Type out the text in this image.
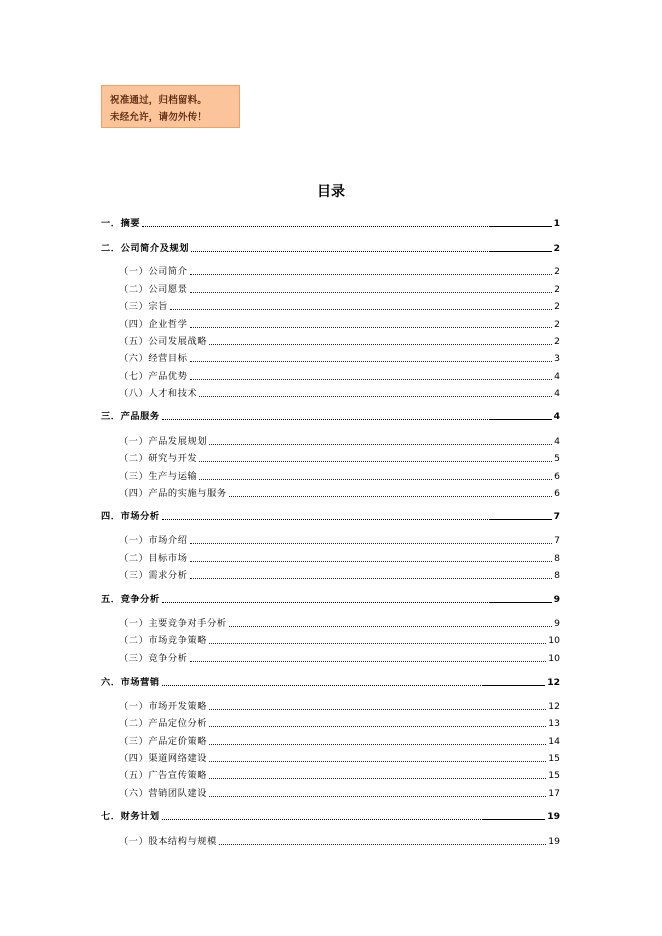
祝准通过，归档留料。
未经允许，请勿外传！
目录
一．摘要	1
二．公司简介及规划	2
（一）公司简介	2
（二）公司愿景	2
（三）宗旨	2
（四）企业哲学	2
（五）公司发展战略	2
（六）经营目标	3
（七）产品优势	4
（八）人才和技术	4
三．产品服务	4
（一）产品发展规划	4
（二）研究与开发	5
（三）生产与运输	6
（四）产品的实施与服务	6
四．市场分析	7
（一）市场介绍	7
（二）目标市场	8
（三）需求分析	8
五．竞争分析	9
（一）主要竞争对手分析	9
（二）市场竞争策略	10
（三）竞争分析	10
六．市场营销	12
（一）市场开发策略	12
（二）产品定位分析	13
（三）产品定价策略	14
（四）渠道网络建设	15
（五）广告宣传策略	15
（六）营销团队建设	17
七．财务计划	19
（一）股本结构与规模	19
